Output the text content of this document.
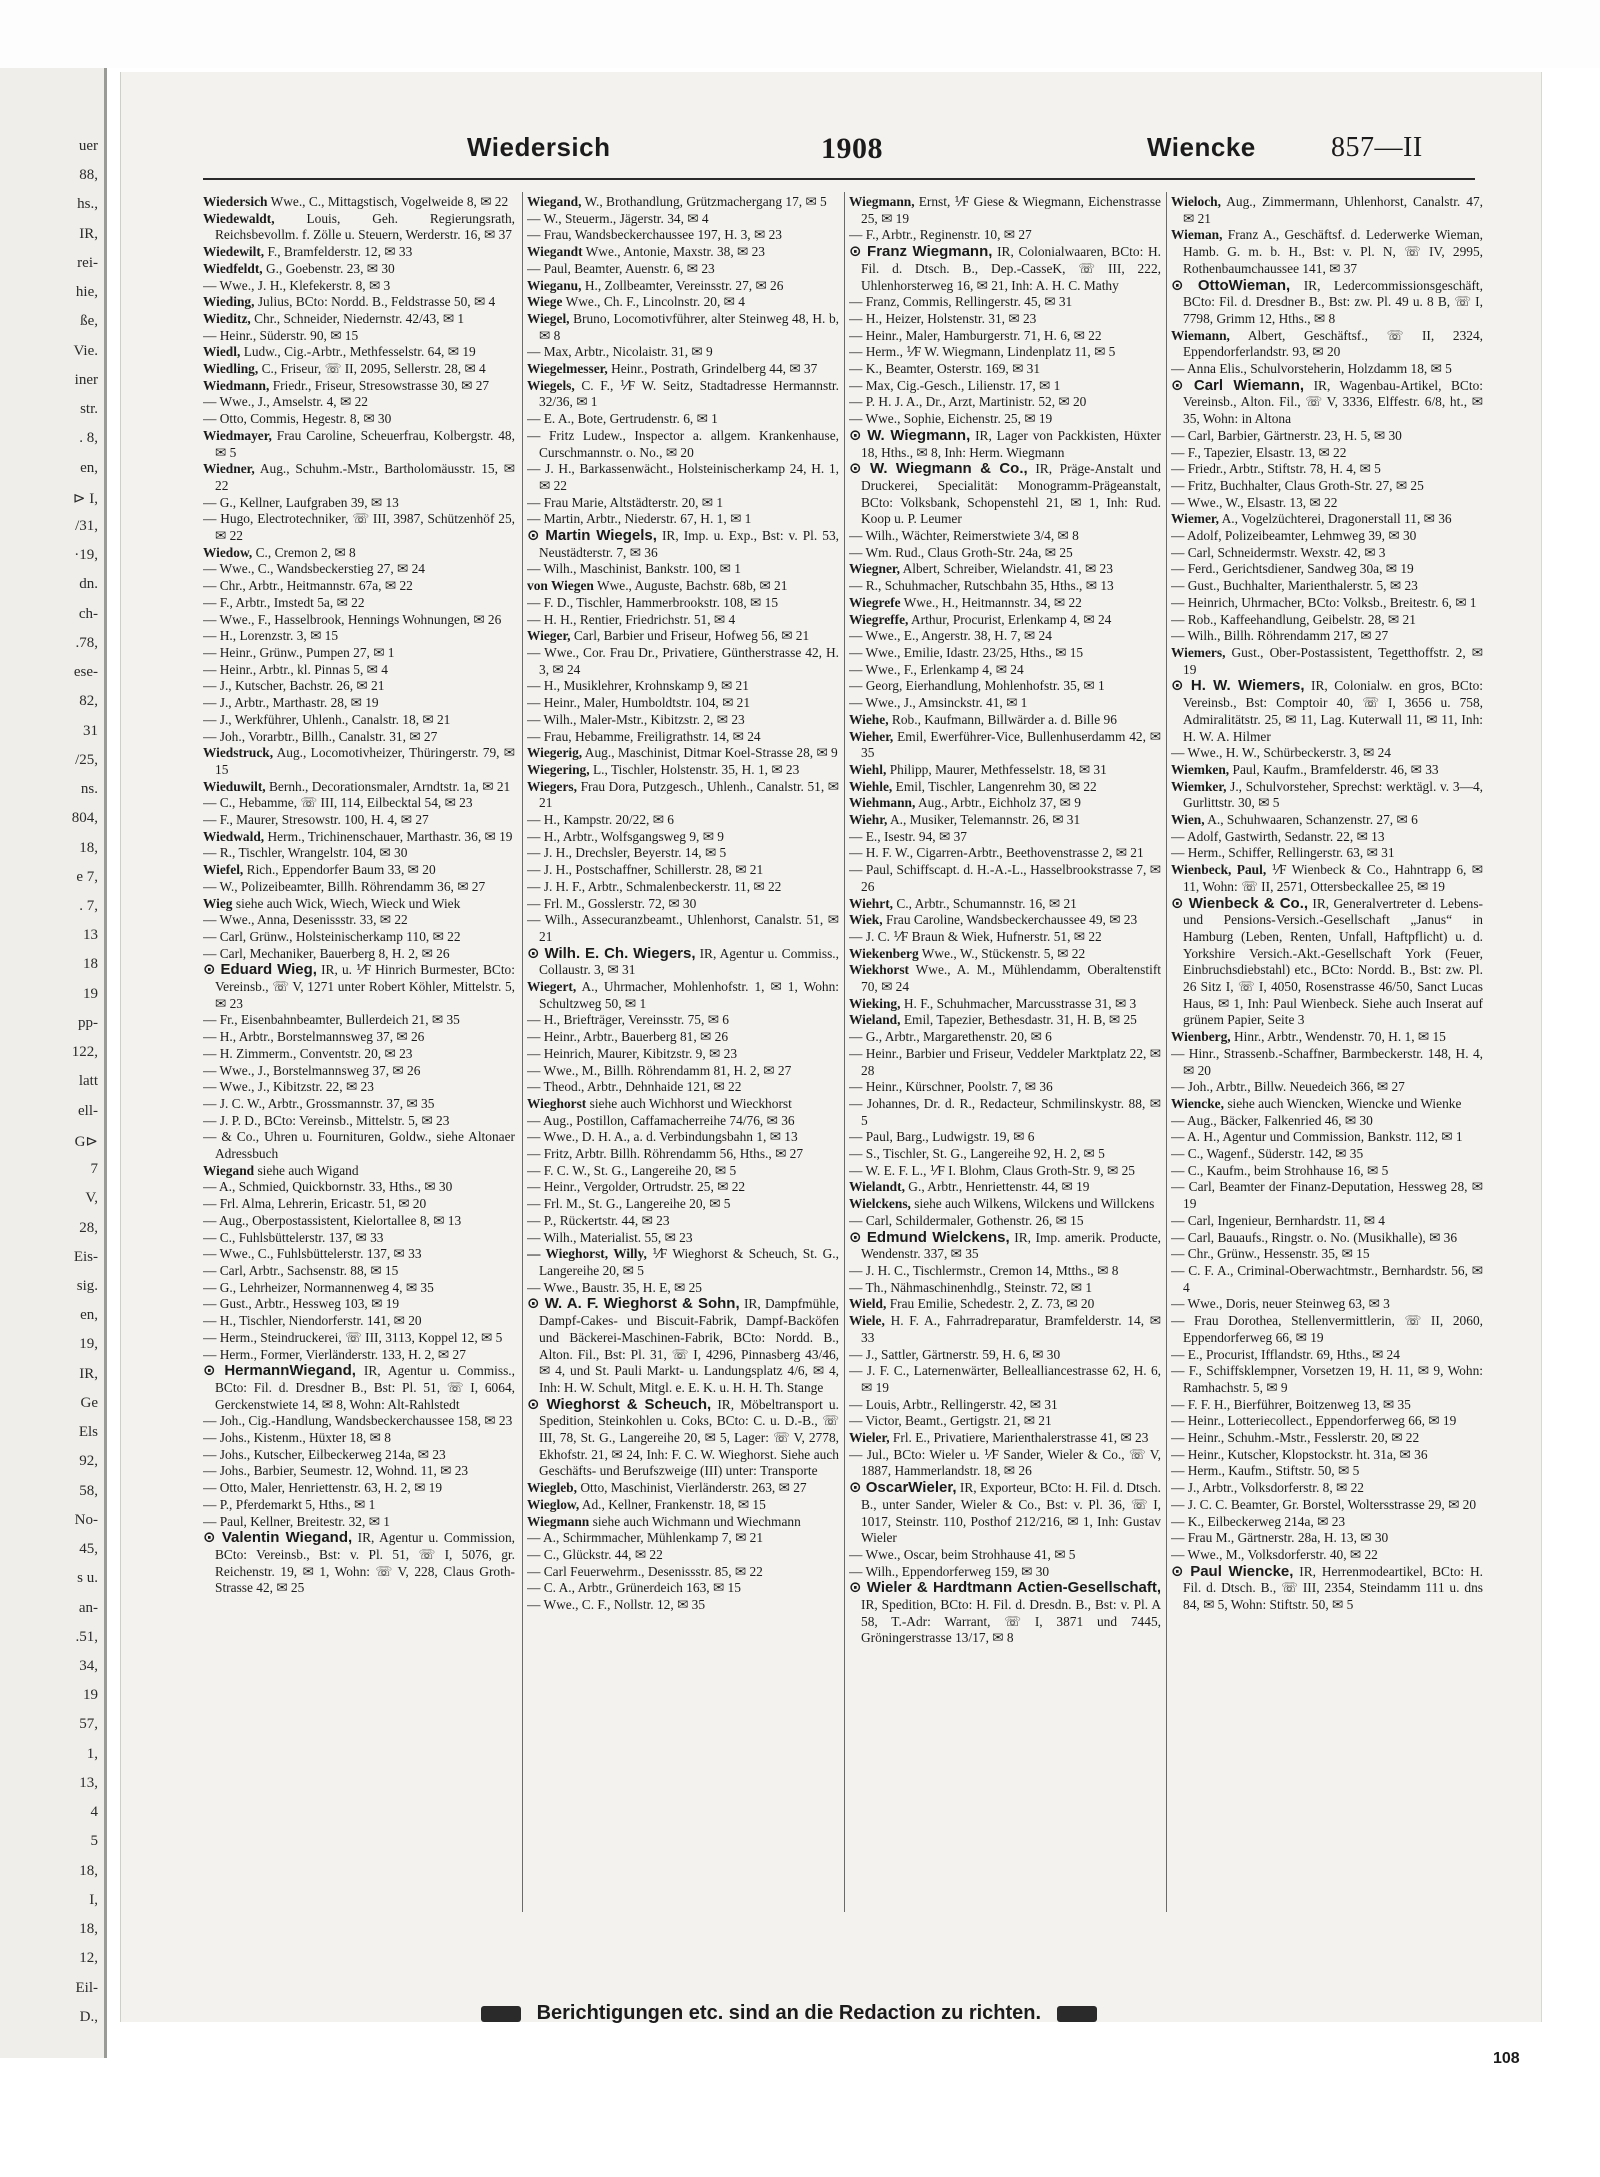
uer
88,
hs.,
IR,
rei-
hie,
ße,
Vie.
iner
str.
. 8,
en,
⊳ I,
/31,
·19,
dn.
ch-
.78,
ese-
82,
31
/25,
ns.
804,
18,
e 7,
. 7,
13
18
19
pp-
122,
latt
ell-
G⊳
7
V,
28,
Eis-
sig.
en,
19,
IR,
Ge
Els
92,
58,
No-
45,
s u.
an-
.51,
34,
19
57,
1,
13,
4
5
18,
I,
18,
12,
Eil-
D.,
Wiedersich	1908	Wiencke	857—II

Wiedersich Wwe., C., Mittagstisch, Vogelweide 8, ✉ 22

Wiedewaldt, Louis, Geh. Regierungsrath, Reichsbevollm. f. Zölle u. Steuern, Werderstr. 16, ✉ 37

Wiedewilt, F., Bramfelderstr. 12, ✉ 33

Wiedfeldt, G., Goebenstr. 23, ✉ 30

— Wwe., J. H., Klefekerstr. 8, ✉ 3

Wieding, Julius, BCto: Nordd. B., Feldstrasse 50, ✉ 4

Wieditz, Chr., Schneider, Niedernstr. 42/43, ✉ 1

— Heinr., Süderstr. 90, ✉ 15

Wiedl, Ludw., Cig.-Arbtr., Methfesselstr. 64, ✉ 19

Wiedling, C., Friseur, ☏ II, 2095, Sellerstr. 28, ✉ 4

Wiedmann, Friedr., Friseur, Stresowstrasse 30, ✉ 27

— Wwe., J., Amselstr. 4, ✉ 22

— Otto, Commis, Hegestr. 8, ✉ 30

Wiedmayer, Frau Caroline, Scheuerfrau, Kolbergstr. 48, ✉ 5

Wiedner, Aug., Schuhm.-Mstr., Bartholomäusstr. 15, ✉ 22

— G., Kellner, Laufgraben 39, ✉ 13

— Hugo, Electrotechniker, ☏ III, 3987, Schützenhöf 25, ✉ 22

Wiedow, C., Cremon 2, ✉ 8

— Wwe., C., Wandsbeckerstieg 27, ✉ 24

— Chr., Arbtr., Heitmannstr. 67a, ✉ 22

— F., Arbtr., Imstedt 5a, ✉ 22

— Wwe., F., Hasselbrook, Hennings Wohnungen, ✉ 26

— H., Lorenzstr. 3, ✉ 15

— Heinr., Grünw., Pumpen 27, ✉ 1

— Heinr., Arbtr., kl. Pinnas 5, ✉ 4

— J., Kutscher, Bachstr. 26, ✉ 21

— J., Arbtr., Marthastr. 28, ✉ 19

— J., Werkführer, Uhlenh., Canalstr. 18, ✉ 21

— Joh., Vorarbtr., Billh., Canalstr. 31, ✉ 27

Wiedstruck, Aug., Locomotivheizer, Thüringerstr. 79, ✉ 15

Wieduwilt, Bernh., Decorationsmaler, Arndtstr. 1a, ✉ 21

— C., Hebamme, ☏ III, 114, Eilbecktal 54, ✉ 23

— F., Maurer, Stresowstr. 100, H. 4, ✉ 27

Wiedwald, Herm., Trichinenschauer, Marthastr. 36, ✉ 19

— R., Tischler, Wrangelstr. 104, ✉ 30

Wiefel, Rich., Eppendorfer Baum 33, ✉ 20

— W., Polizeibeamter, Billh. Röhrendamm 36, ✉ 27

Wieg siehe auch Wick, Wiech, Wieck und Wiek

— Wwe., Anna, Desenissstr. 33, ✉ 22

— Carl, Grünw., Holsteinischerkamp 110, ✉ 22

— Carl, Mechaniker, Bauerberg 8, H. 2, ✉ 26

⊙ Eduard Wieg, IR, u. ⅟F Hinrich Burmester, BCto: Vereinsb., ☏ V, 1271 unter Robert Köhler, Mittelstr. 5, ✉ 23

— Fr., Eisenbahnbeamter, Bullerdeich 21, ✉ 35

— H., Arbtr., Borstelmannsweg 37, ✉ 26

— H. Zimmerm., Conventstr. 20, ✉ 23

— Wwe., J., Borstelmannsweg 37, ✉ 26

— Wwe., J., Kibitzstr. 22, ✉ 23

— J. C. W., Arbtr., Grossmannstr. 37, ✉ 35

— J. P. D., BCto: Vereinsb., Mittelstr. 5, ✉ 23

— & Co., Uhren u. Fournituren, Goldw., siehe Altonaer Adressbuch

Wiegand siehe auch Wigand

— A., Schmied, Quickbornstr. 33, Hths., ✉ 30

— Frl. Alma, Lehrerin, Ericastr. 51, ✉ 20

— Aug., Oberpostassistent, Kielortallee 8, ✉ 13

— C., Fuhlsbüttelerstr. 137, ✉ 33

— Wwe., C., Fuhlsbüttelerstr. 137, ✉ 33

— Carl, Arbtr., Sachsenstr. 88, ✉ 15

— G., Lehrheizer, Normannenweg 4, ✉ 35

— Gust., Arbtr., Hessweg 103, ✉ 19

— H., Tischler, Niendorferstr. 141, ✉ 20

— Herm., Steindruckerei, ☏ III, 3113, Koppel 12, ✉ 5

— Herm., Former, Vierländerstr. 133, H. 2, ✉ 27

⊙ HermannWiegand, IR, Agentur u. Commiss., BCto: Fil. d. Dresdner B., Bst: Pl. 51, ☏ I, 6064, Gerckenstwiete 14, ✉ 8, Wohn: Alt-Rahlstedt

— Joh., Cig.-Handlung, Wandsbeckerchaussee 158, ✉ 23

— Johs., Kistenm., Hüxter 18, ✉ 8

— Johs., Kutscher, Eilbeckerweg 214a, ✉ 23

— Johs., Barbier, Seumestr. 12, Wohnd. 11, ✉ 23

— Otto, Maler, Henriettenstr. 63, H. 2, ✉ 19

— P., Pferdemarkt 5, Hths., ✉ 1

— Paul, Kellner, Breitestr. 32, ✉ 1

⊙ Valentin Wiegand, IR, Agentur u. Commission, BCto: Vereinsb., Bst: v. Pl. 51, ☏ I, 5076, gr. Reichenstr. 19, ✉ 1, Wohn: ☏ V, 228, Claus Groth-Strasse 42, ✉ 25

Wiegand, W., Brothandlung, Grützmachergang 17, ✉ 5

— W., Steuerm., Jägerstr. 34, ✉ 4

— Frau, Wandsbeckerchaussee 197, H. 3, ✉ 23

Wiegandt Wwe., Antonie, Maxstr. 38, ✉ 23

— Paul, Beamter, Auenstr. 6, ✉ 23

Wieganu, H., Zollbeamter, Vereinsstr. 27, ✉ 26

Wiege Wwe., Ch. F., Lincolnstr. 20, ✉ 4

Wiegel, Bruno, Locomotivführer, alter Steinweg 48, H. b, ✉ 8

— Max, Arbtr., Nicolaistr. 31, ✉ 9

Wiegelmesser, Heinr., Postrath, Grindelberg 44, ✉ 37

Wiegels, C. F., ⅟F W. Seitz, Stadtadresse Hermannstr. 32/36, ✉ 1

— E. A., Bote, Gertrudenstr. 6, ✉ 1

— Fritz Ludew., Inspector a. allgem. Krankenhause, Curschmannstr. o. No., ✉ 20

— J. H., Barkassenwächt., Holsteinischerkamp 24, H. 1, ✉ 22

— Frau Marie, Altstädterstr. 20, ✉ 1

— Martin, Arbtr., Niederstr. 67, H. 1, ✉ 1

⊙ Martin Wiegels, IR, Imp. u. Exp., Bst: v. Pl. 53, Neustädterstr. 7, ✉ 36

— Wilh., Maschinist, Bankstr. 100, ✉ 1

von Wiegen Wwe., Auguste, Bachstr. 68b, ✉ 21

— F. D., Tischler, Hammerbrookstr. 108, ✉ 15

— H. H., Rentier, Friedrichstr. 51, ✉ 4

Wieger, Carl, Barbier und Friseur, Hofweg 56, ✉ 21

— Wwe., Cor. Frau Dr., Privatiere, Güntherstrasse 42, H. 3, ✉ 24

— H., Musiklehrer, Krohnskamp 9, ✉ 21

— Heinr., Maler, Humboldtstr. 104, ✉ 21

— Wilh., Maler-Mstr., Kibitzstr. 2, ✉ 23

— Frau, Hebamme, Freiligrathstr. 14, ✉ 24

Wiegerig, Aug., Maschinist, Ditmar Koel-Strasse 28, ✉ 9

Wiegering, L., Tischler, Holstenstr. 35, H. 1, ✉ 23

Wiegers, Frau Dora, Putzgesch., Uhlenh., Canalstr. 51, ✉ 21

— H., Kampstr. 20/22, ✉ 6

— H., Arbtr., Wolfsgangsweg 9, ✉ 9

— J. H., Drechsler, Beyerstr. 14, ✉ 5

— J. H., Postschaffner, Schillerstr. 28, ✉ 21

— J. H. F., Arbtr., Schmalenbeckerstr. 11, ✉ 22

— Frl. M., Gosslerstr. 72, ✉ 30

— Wilh., Assecuranzbeamt., Uhlenhorst, Canalstr. 51, ✉ 21

⊙ Wilh. E. Ch. Wiegers, IR, Agentur u. Commiss., Collaustr. 3, ✉ 31

Wiegert, A., Uhrmacher, Mohlenhofstr. 1, ✉ 1, Wohn: Schultzweg 50, ✉ 1

— H., Briefträger, Vereinsstr. 75, ✉ 6

— Heinr., Arbtr., Bauerberg 81, ✉ 26

— Heinrich, Maurer, Kibitzstr. 9, ✉ 23

— Wwe., M., Billh. Röhrendamm 81, H. 2, ✉ 27

— Theod., Arbtr., Dehnhaide 121, ✉ 22

Wieghorst siehe auch Wichhorst und Wieckhorst

— Aug., Postillon, Caffamacherreihe 74/76, ✉ 36

— Wwe., D. H. A., a. d. Verbindungsbahn 1, ✉ 13

— Fritz, Arbtr. Billh. Röhrendamm 56, Hths., ✉ 27

— F. C. W., St. G., Langereihe 20, ✉ 5

— Heinr., Vergolder, Ortrudstr. 25, ✉ 22

— Frl. M., St. G., Langereihe 20, ✉ 5

— P., Rückertstr. 44, ✉ 23

— Wilh., Materialist. 55, ✉ 23

— Wieghorst, Willy, ⅟F Wieghorst & Scheuch, St. G., Langereihe 20, ✉ 5

— Wwe., Baustr. 35, H. E, ✉ 25

⊙ W. A. F. Wieghorst & Sohn, IR, Dampfmühle, Dampf-Cakes- und Biscuit-Fabrik, Dampf-Backöfen und Bäckerei-Maschinen-Fabrik, BCto: Nordd. B., Alton. Fil., Bst: Pl. 31, ☏ I, 4296, Pinnasberg 43/46, ✉ 4, und St. Pauli Markt- u. Landungsplatz 4/6, ✉ 4, Inh: H. W. Schult, Mitgl. e. E. K. u. H. H. Th. Stange

⊙ Wieghorst & Scheuch, IR, Möbeltransport u. Spedition, Steinkohlen u. Coks, BCto: C. u. D.-B., ☏ III, 78, St. G., Langereihe 20, ✉ 5, Lager: ☏ V, 2778, Ekhofstr. 21, ✉ 24, Inh: F. C. W. Wieghorst. Siehe auch Geschäfts- und Berufszweige (III) unter: Transporte

Wiegleb, Otto, Maschinist, Vierländerstr. 263, ✉ 27

Wieglow, Ad., Kellner, Frankenstr. 18, ✉ 15

Wiegmann siehe auch Wichmann und Wiechmann

— A., Schirmmacher, Mühlenkamp 7, ✉ 21

— C., Glückstr. 44, ✉ 22

— Carl Feuerwehrm., Desenissstr. 85, ✉ 22

— C. A., Arbtr., Grünerdeich 163, ✉ 15

— Wwe., C. F., Nollstr. 12, ✉ 35

Wiegmann, Ernst, ⅟F Giese & Wiegmann, Eichenstrasse 25, ✉ 19

— F., Arbtr., Reginenstr. 10, ✉ 27

⊙ Franz Wiegmann, IR, Colonialwaaren, BCto: H. Fil. d. Dtsch. B., Dep.-CasseK, ☏ III, 222, Uhlenhorsterweg 16, ✉ 21, Inh: A. H. C. Mathy

— Franz, Commis, Rellingerstr. 45, ✉ 31

— H., Heizer, Holstenstr. 31, ✉ 23

— Heinr., Maler, Hamburgerstr. 71, H. 6, ✉ 22

— Herm., ⅟F W. Wiegmann, Lindenplatz 11, ✉ 5

— K., Beamter, Osterstr. 169, ✉ 31

— Max, Cig.-Gesch., Lilienstr. 17, ✉ 1

— P. H. J. A., Dr., Arzt, Martinistr. 52, ✉ 20

— Wwe., Sophie, Eichenstr. 25, ✉ 19

⊙ W. Wiegmann, IR, Lager von Packkisten, Hüxter 18, Hths., ✉ 8, Inh: Herm. Wiegmann

⊙ W. Wiegmann & Co., IR, Präge-Anstalt und Druckerei, Specialität: Monogramm-Prägeanstalt, BCto: Volksbank, Schopenstehl 21, ✉ 1, Inh: Rud. Koop u. P. Leumer

— Wilh., Wächter, Reimerstwiete 3/4, ✉ 8

— Wm. Rud., Claus Groth-Str. 24a, ✉ 25

Wiegner, Albert, Schreiber, Wielandstr. 41, ✉ 23

— R., Schuhmacher, Rutschbahn 35, Hths., ✉ 13

Wiegrefe Wwe., H., Heitmannstr. 34, ✉ 22

Wiegreffe, Arthur, Procurist, Erlenkamp 4, ✉ 24

— Wwe., E., Angerstr. 38, H. 7, ✉ 24

— Wwe., Emilie, Idastr. 23/25, Hths., ✉ 15

— Wwe., F., Erlenkamp 4, ✉ 24

— Georg, Eierhandlung, Mohlenhofstr. 35, ✉ 1

— Wwe., J., Amsinckstr. 41, ✉ 1

Wiehe, Rob., Kaufmann, Billwärder a. d. Bille 96

Wieher, Emil, Ewerführer-Vice, Bullenhuserdamm 42, ✉ 35

Wiehl, Philipp, Maurer, Methfesselstr. 18, ✉ 31

Wiehle, Emil, Tischler, Langenrehm 30, ✉ 22

Wiehmann, Aug., Arbtr., Eichholz 37, ✉ 9

Wiehr, A., Musiker, Telemannstr. 26, ✉ 31

— E., Isestr. 94, ✉ 37

— H. F. W., Cigarren-Arbtr., Beethovenstrasse 2, ✉ 21

— Paul, Schiffscapt. d. H.-A.-L., Hasselbrookstrasse 7, ✉ 26

Wiehrt, C., Arbtr., Schumannstr. 16, ✉ 21

Wiek, Frau Caroline, Wandsbeckerchaussee 49, ✉ 23

— J. C. ⅟F Braun & Wiek, Hufnerstr. 51, ✉ 22

Wiekenberg Wwe., W., Stückenstr. 5, ✉ 22

Wiekhorst Wwe., A. M., Mühlendamm, Oberaltenstift 70, ✉ 24

Wieking, H. F., Schuhmacher, Marcusstrasse 31, ✉ 3

Wieland, Emil, Tapezier, Bethesdastr. 31, H. B, ✉ 25

— G., Arbtr., Margarethenstr. 20, ✉ 6

— Heinr., Barbier und Friseur, Veddeler Marktplatz 22, ✉ 28

— Heinr., Kürschner, Poolstr. 7, ✉ 36

— Johannes, Dr. d. R., Redacteur, Schmilinskystr. 88, ✉ 5

— Paul, Barg., Ludwigstr. 19, ✉ 6

— S., Tischler, St. G., Langereihe 92, H. 2, ✉ 5

— W. E. F. L., ⅟F I. Blohm, Claus Groth-Str. 9, ✉ 25

Wielandt, G., Arbtr., Henriettenstr. 44, ✉ 19

Wielckens, siehe auch Wilkens, Wilckens und Willckens

— Carl, Schildermaler, Gothenstr. 26, ✉ 15

⊙ Edmund Wielckens, IR, Imp. amerik. Producte, Wendenstr. 337, ✉ 35

— J. H. C., Tischlermstr., Cremon 14, Mtths., ✉ 8

— Th., Nähmaschinenhdlg., Steinstr. 72, ✉ 1

Wield, Frau Emilie, Schedestr. 2, Z. 73, ✉ 20

Wiele, H. F. A., Fahrradreparatur, Bramfelderstr. 14, ✉ 33

— J., Sattler, Gärtnerstr. 59, H. 6, ✉ 30

— J. F. C., Laternenwärter, Bellealliancestrasse 62, H. 6, ✉ 19

— Louis, Arbtr., Rellingerstr. 42, ✉ 31

— Victor, Beamt., Gertigstr. 21, ✉ 21

Wieler, Frl. E., Privatiere, Marienthalerstrasse 41, ✉ 23

— Jul., BCto: Wieler u. ⅟F Sander, Wieler & Co., ☏ V, 1887, Hammerlandstr. 18, ✉ 26

⊙ OscarWieler, IR, Exporteur, BCto: H. Fil. d. Dtsch. B., unter Sander, Wieler & Co., Bst: v. Pl. 36, ☏ I, 1017, Steinstr. 110, Posthof 212/216, ✉ 1, Inh: Gustav Wieler

— Wwe., Oscar, beim Strohhause 41, ✉ 5

— Wilh., Eppendorferweg 159, ✉ 30

⊙ Wieler & Hardtmann Actien-Gesellschaft, IR, Spedition, BCto: H. Fil. d. Dresdn. B., Bst: v. Pl. A 58, T.-Adr: Warrant, ☏ I, 3871 und 7445, Gröningerstrasse 13/17, ✉ 8

Wieloch, Aug., Zimmermann, Uhlenhorst, Canalstr. 47, ✉ 21

Wieman, Franz A., Geschäftsf. d. Lederwerke Wieman, Hamb. G. m. b. H., Bst: v. Pl. N, ☏ IV, 2995, Rothenbaumchaussee 141, ✉ 37

⊙ OttoWieman, IR, Ledercommissionsgeschäft, BCto: Fil. d. Dresdner B., Bst: zw. Pl. 49 u. 8 B, ☏ I, 7798, Grimm 12, Hths., ✉ 8

Wiemann, Albert, Geschäftsf., ☏ II, 2324, Eppendorferlandstr. 93, ✉ 20

— Anna Elis., Schulvorsteherin, Holzdamm 18, ✉ 5

⊙ Carl Wiemann, IR, Wagenbau-Artikel, BCto: Vereinsb., Alton. Fil., ☏ V, 3336, Elffestr. 6/8, ht., ✉ 35, Wohn: in Altona

— Carl, Barbier, Gärtnerstr. 23, H. 5, ✉ 30

— F., Tapezier, Elsastr. 13, ✉ 22

— Friedr., Arbtr., Stiftstr. 78, H. 4, ✉ 5

— Fritz, Buchhalter, Claus Groth-Str. 27, ✉ 25

— Wwe., W., Elsastr. 13, ✉ 22

Wiemer, A., Vogelzüchterei, Dragonerstall 11, ✉ 36

— Adolf, Polizeibeamter, Lehmweg 39, ✉ 30

— Carl, Schneidermstr. Wexstr. 42, ✉ 3

— Ferd., Gerichtsdiener, Sandweg 30a, ✉ 19

— Gust., Buchhalter, Marienthalerstr. 5, ✉ 23

— Heinrich, Uhrmacher, BCto: Volksb., Breitestr. 6, ✉ 1

— Rob., Kaffeehandlung, Geibelstr. 28, ✉ 21

— Wilh., Billh. Röhrendamm 217, ✉ 27

Wiemers, Gust., Ober-Postassistent, Tegetthoffstr. 2, ✉ 19

⊙ H. W. Wiemers, IR, Colonialw. en gros, BCto: Vereinsb., Bst: Comptoir 40, ☏ I, 3656 u. 758, Admiralitätstr. 25, ✉ 11, Lag. Kuterwall 11, ✉ 11, Inh: H. W. A. Hilmer

— Wwe., H. W., Schürbeckerstr. 3, ✉ 24

Wiemken, Paul, Kaufm., Bramfelderstr. 46, ✉ 33

Wiemker, J., Schulvorsteher, Sprechst: werktägl. v. 3—4, Gurlittstr. 30, ✉ 5

Wien, A., Schuhwaaren, Schanzenstr. 27, ✉ 6

— Adolf, Gastwirth, Sedanstr. 22, ✉ 13

— Herm., Schiffer, Rellingerstr. 63, ✉ 31

Wienbeck, Paul, ⅟F Wienbeck & Co., Hahntrapp 6, ✉ 11, Wohn: ☏ II, 2571, Ottersbeckallee 25, ✉ 19

⊙ Wienbeck & Co., IR, Generalvertreter d. Lebens- und Pensions-Versich.-Gesellschaft „Janus“ in Hamburg (Leben, Renten, Unfall, Haftpflicht) u. d. Yorkshire Versich.-Akt.-Gesellschaft York (Feuer, Einbruchsdiebstahl) etc., BCto: Nordd. B., Bst: zw. Pl. 26 Sitz I, ☏ I, 4050, Rosenstrasse 46/50, Sanct Lucas Haus, ✉ 1, Inh: Paul Wienbeck. Siehe auch Inserat auf grünem Papier, Seite 3

Wienberg, Hinr., Arbtr., Wendenstr. 70, H. 1, ✉ 15

— Hinr., Strassenb.-Schaffner, Barmbeckerstr. 148, H. 4, ✉ 20

— Joh., Arbtr., Billw. Neuedeich 366, ✉ 27

Wiencke, siehe auch Wiencken, Wiencke und Wienke

— Aug., Bäcker, Falkenried 46, ✉ 30

— A. H., Agentur und Commission, Bankstr. 112, ✉ 1

— C., Wagenf., Süderstr. 142, ✉ 35

— C., Kaufm., beim Strohhause 16, ✉ 5

— Carl, Beamter der Finanz-Deputation, Hessweg 28, ✉ 19

— Carl, Ingenieur, Bernhardstr. 11, ✉ 4

— Carl, Bauaufs., Ringstr. o. No. (Musikhalle), ✉ 36

— Chr., Grünw., Hessenstr. 35, ✉ 15

— C. F. A., Criminal-Oberwachtmstr., Bernhardstr. 56, ✉ 4

— Wwe., Doris, neuer Steinweg 63, ✉ 3

— Frau Dorothea, Stellenvermittlerin, ☏ II, 2060, Eppendorferweg 66, ✉ 19

— E., Procurist, Ifflandstr. 69, Hths., ✉ 24

— F., Schiffsklempner, Vorsetzen 19, H. 11, ✉ 9, Wohn: Ramhachstr. 5, ✉ 9

— F. F. H., Bierführer, Boitzenweg 13, ✉ 35

— Heinr., Lotteriecollect., Eppendorferweg 66, ✉ 19

— Heinr., Schuhm.-Mstr., Fesslerstr. 20, ✉ 22

— Heinr., Kutscher, Klopstockstr. ht. 31a, ✉ 36

— Herm., Kaufm., Stiftstr. 50, ✉ 5

— J., Arbtr., Volksdorferstr. 8, ✉ 22

— J. C. C. Beamter, Gr. Borstel, Woltersstrasse 29, ✉ 20

— K., Eilbeckerweg 214a, ✉ 23

— Frau M., Gärtnerstr. 28a, H. 13, ✉ 30

— Wwe., M., Volksdorferstr. 40, ✉ 22

⊙ Paul Wiencke, IR, Herrenmodeartikel, BCto: H. Fil. d. Dtsch. B., ☏ III, 2354, Steindamm 111 u. dns 84, ✉ 5, Wohn: Stiftstr. 50, ✉ 5

Berichtigungen etc. sind an die Redaction zu richten.
108
